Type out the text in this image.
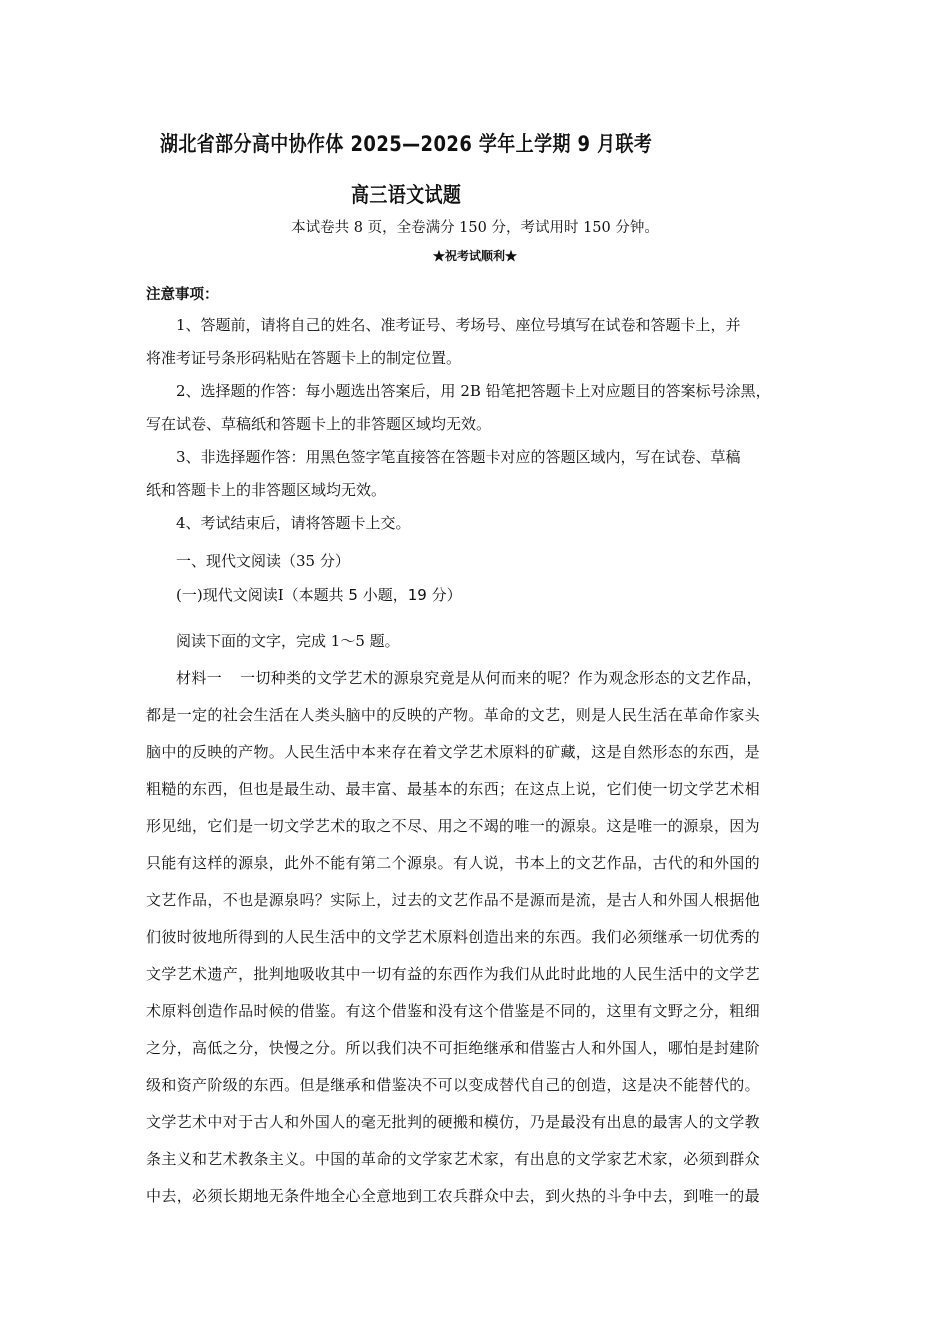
湖北省部分高中协作体 2025—2026 学年上学期 9 月联考
高三语文试题
本试卷共 8 页，全卷满分 150 分，考试用时 150 分钟。
★祝考试顺利★
注意事项：
1、答题前，请将自己的姓名、准考证号、考场号、座位号填写在试卷和答题卡上，并
将准考证号条形码粘贴在答题卡上的制定位置。
2、选择题的作答：每小题选出答案后，用 2B 铅笔把答题卡上对应题目的答案标号涂黑，
写在试卷、草稿纸和答题卡上的非答题区域均无效。
3、非选择题作答：用黑色签字笔直接答在答题卡对应的答题区域内，写在试卷、草稿
纸和答题卡上的非答题区域均无效。
4、考试结束后，请将答题卡上交。
一、现代文阅读（35 分）
(一)现代文阅读Ⅰ（本题共 5 小题，19 分）
阅读下面的文字，完成 1～5 题。
材料一 一切种类的文学艺术的源泉究竟是从何而来的呢？作为观念形态的文艺作品，
都是一定的社会生活在人类头脑中的反映的产物。革命的文艺，则是人民生活在革命作家头
脑中的反映的产物。人民生活中本来存在着文学艺术原料的矿藏，这是自然形态的东西，是
粗糙的东西，但也是最生动、最丰富、最基本的东西；在这点上说，它们使一切文学艺术相
形见绌，它们是一切文学艺术的取之不尽、用之不竭的唯一的源泉。这是唯一的源泉，因为
只能有这样的源泉，此外不能有第二个源泉。有人说，书本上的文艺作品，古代的和外国的
文艺作品，不也是源泉吗？实际上，过去的文艺作品不是源而是流，是古人和外国人根据他
们彼时彼地所得到的人民生活中的文学艺术原料创造出来的东西。我们必须继承一切优秀的
文学艺术遗产，批判地吸收其中一切有益的东西作为我们从此时此地的人民生活中的文学艺
术原料创造作品时候的借鉴。有这个借鉴和没有这个借鉴是不同的，这里有文野之分，粗细
之分，高低之分，快慢之分。所以我们决不可拒绝继承和借鉴古人和外国人，哪怕是封建阶
级和资产阶级的东西。但是继承和借鉴决不可以变成替代自己的创造，这是决不能替代的。
文学艺术中对于古人和外国人的毫无批判的硬搬和模仿，乃是最没有出息的最害人的文学教
条主义和艺术教条主义。中国的革命的文学家艺术家，有出息的文学家艺术家，必须到群众
中去，必须长期地无条件地全心全意地到工农兵群众中去，到火热的斗争中去，到唯一的最
